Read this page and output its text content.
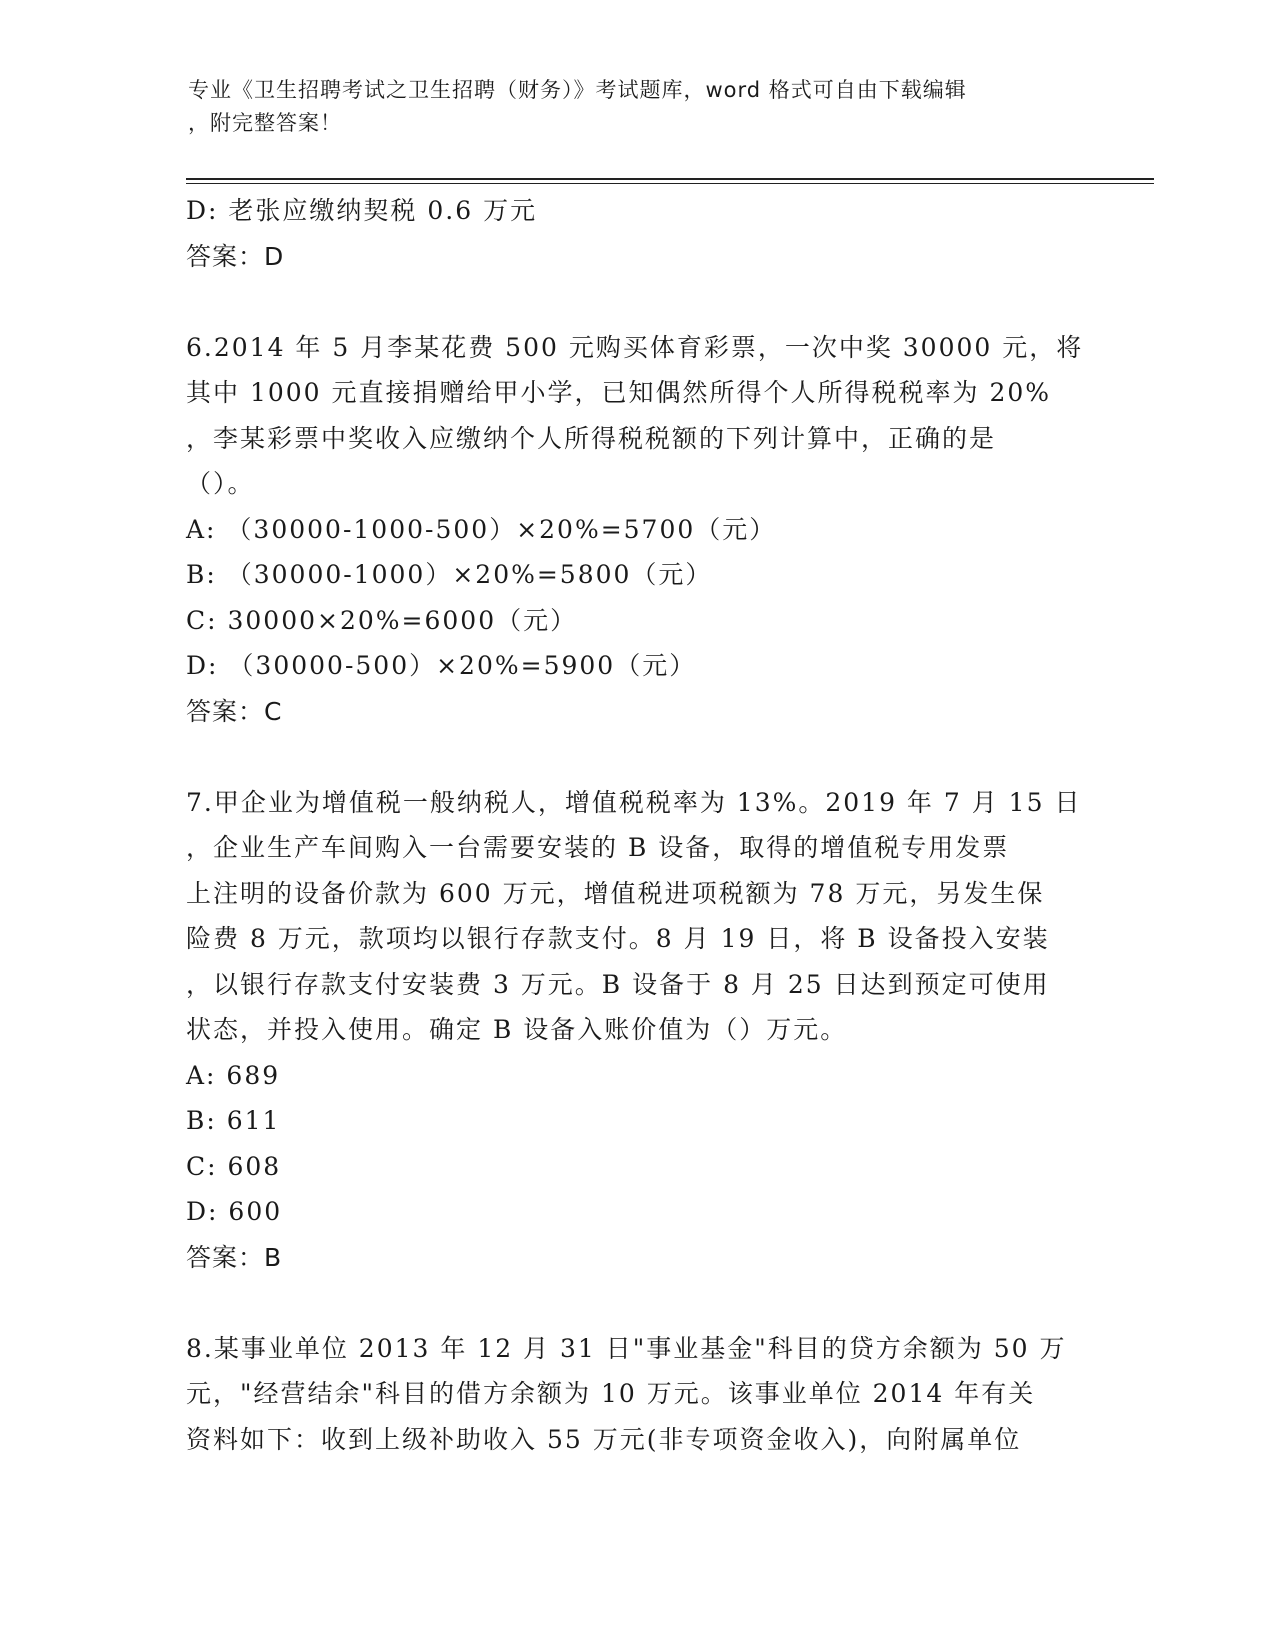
专业《卫生招聘考试之卫生招聘（财务）》考试题库，word 格式可自由下载编辑
，附完整答案！
D: 老张应缴纳契税 0.6 万元
答案：D
6.2014 年 5 月李某花费 500 元购买体育彩票，一次中奖 30000 元，将
其中 1000 元直接捐赠给甲小学，已知偶然所得个人所得税税率为 20%
，李某彩票中奖收入应缴纳个人所得税税额的下列计算中，正确的是
（）。
A: （30000-1000-500）×20%=5700（元）
B: （30000-1000）×20%=5800（元）
C: 30000×20%=6000（元）
D: （30000-500）×20%=5900（元）
答案：C
7.甲企业为增值税一般纳税人，增值税税率为 13%。2019 年 7 月 15 日
，企业生产车间购入一台需要安装的 B 设备，取得的增值税专用发票
上注明的设备价款为 600 万元，增值税进项税额为 78 万元，另发生保
险费 8 万元，款项均以银行存款支付。8 月 19 日，将 B 设备投入安装
，以银行存款支付安装费 3 万元。B 设备于 8 月 25 日达到预定可使用
状态，并投入使用。确定 B 设备入账价值为（）万元。
A: 689
B: 611
C: 608
D: 600
答案：B
8.某事业单位 2013 年 12 月 31 日"事业基金"科目的贷方余额为 50 万
元，"经营结余"科目的借方余额为 10 万元。该事业单位 2014 年有关
资料如下：收到上级补助收入 55 万元(非专项资金收入)，向附属单位
